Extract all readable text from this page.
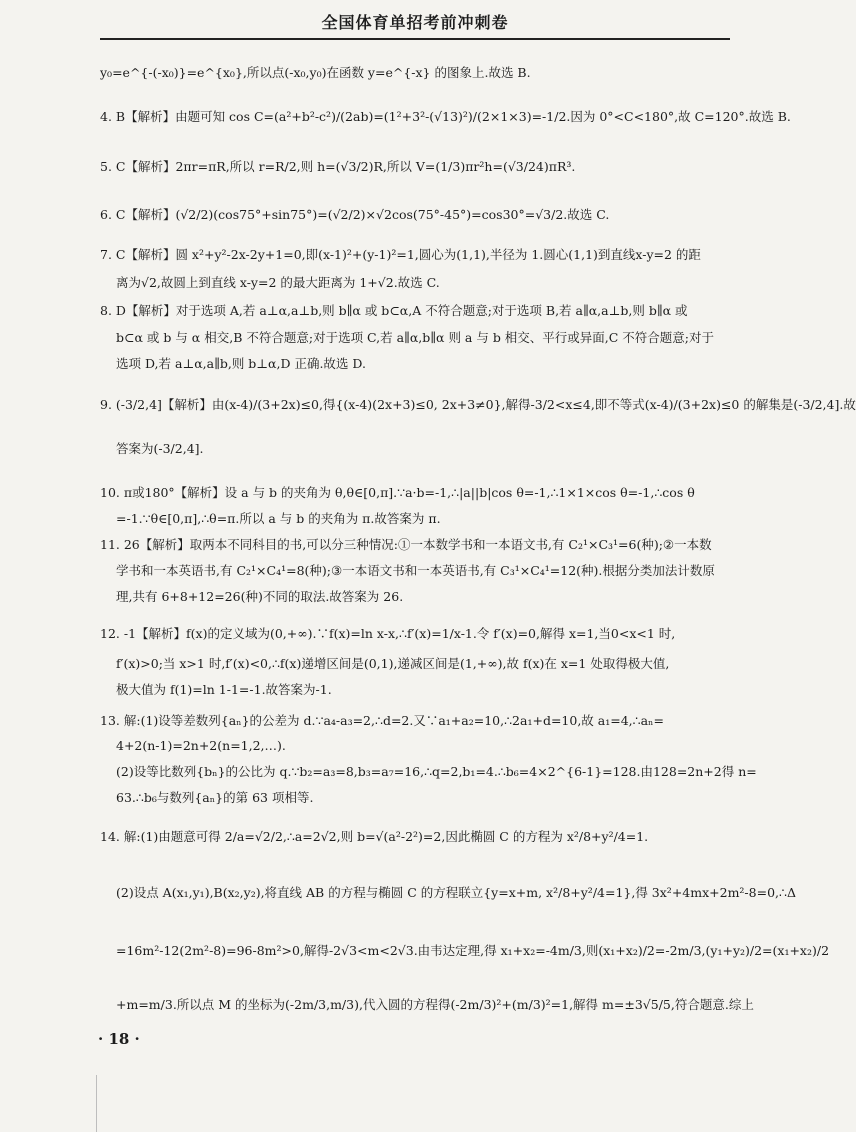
全国体育单招考前冲刺卷
y₀=e^{-(-x₀)}=e^{x₀},所以点(-x₀,y₀)在函数 y=e^{-x} 的图象上.故选 B.
4. B【解析】由题可知 cos C=(a²+b²-c²)/(2ab)=(1²+3²-(√13)²)/(2×1×3)=-1/2.因为 0°<C<180°,故 C=120°.故选 B.
5. C【解析】2πr=πR,所以 r=R/2,则 h=(√3/2)R,所以 V=(1/3)πr²h=(√3/24)πR³.
6. C【解析】(√2/2)(cos75°+sin75°)=(√2/2)×√2cos(75°-45°)=cos30°=√3/2.故选 C.
7. C【解析】圆 x²+y²-2x-2y+1=0,即(x-1)²+(y-1)²=1,圆心为(1,1),半径为 1.圆心(1,1)到直线x-y=2 的距
离为√2,故圆上到直线 x-y=2 的最大距离为 1+√2.故选 C.
8. D【解析】对于选项 A,若 a⊥α,a⊥b,则 b∥α 或 b⊂α,A 不符合题意;对于选项 B,若 a∥α,a⊥b,则 b∥α 或
b⊂α 或 b 与 α 相交,B 不符合题意;对于选项 C,若 a∥α,b∥α 则 a 与 b 相交、平行或异面,C 不符合题意;对于
选项 D,若 a⊥α,a∥b,则 b⊥α,D 正确.故选 D.
9. (-3/2,4]【解析】由(x-4)/(3+2x)≤0,得{(x-4)(2x+3)≤0, 2x+3≠0},解得-3/2<x≤4,即不等式(x-4)/(3+2x)≤0 的解集是(-3/2,4].故
答案为(-3/2,4].
10. π或180°【解析】设 a 与 b 的夹角为 θ,θ∈[0,π].∵a·b=-1,∴|a||b|cos θ=-1,∴1×1×cos θ=-1,∴cos θ
=-1.∵θ∈[0,π],∴θ=π.所以 a 与 b 的夹角为 π.故答案为 π.
11. 26【解析】取两本不同科目的书,可以分三种情况:①一本数学书和一本语文书,有 C₂¹×C₃¹=6(种);②一本数
学书和一本英语书,有 C₂¹×C₄¹=8(种);③一本语文书和一本英语书,有 C₃¹×C₄¹=12(种).根据分类加法计数原
理,共有 6+8+12=26(种)不同的取法.故答案为 26.
12. -1【解析】f(x)的定义域为(0,+∞).∵f(x)=ln x-x,∴f′(x)=1/x-1.令 f′(x)=0,解得 x=1,当0<x<1 时,
f′(x)>0;当 x>1 时,f′(x)<0,∴f(x)递增区间是(0,1),递减区间是(1,+∞),故 f(x)在 x=1 处取得极大值,
极大值为 f(1)=ln 1-1=-1.故答案为-1.
13. 解:(1)设等差数列{aₙ}的公差为 d.∵a₄-a₃=2,∴d=2.又∵a₁+a₂=10,∴2a₁+d=10,故 a₁=4,∴aₙ=
4+2(n-1)=2n+2(n=1,2,…).
(2)设等比数列{bₙ}的公比为 q.∵b₂=a₃=8,b₃=a₇=16,∴q=2,b₁=4.∴b₆=4×2^{6-1}=128.由128=2n+2得 n=
63.∴b₆与数列{aₙ}的第 63 项相等.
14. 解:(1)由题意可得 2/a=√2/2,∴a=2√2,则 b=√(a²-2²)=2,因此椭圆 C 的方程为 x²/8+y²/4=1.
(2)设点 A(x₁,y₁),B(x₂,y₂),将直线 AB 的方程与椭圆 C 的方程联立{y=x+m, x²/8+y²/4=1},得 3x²+4mx+2m²-8=0,∴Δ
=16m²-12(2m²-8)=96-8m²>0,解得-2√3<m<2√3.由韦达定理,得 x₁+x₂=-4m/3,则(x₁+x₂)/2=-2m/3,(y₁+y₂)/2=(x₁+x₂)/2
+m=m/3.所以点 M 的坐标为(-2m/3,m/3),代入圆的方程得(-2m/3)²+(m/3)²=1,解得 m=±3√5/5,符合题意.综上
· 18 ·
